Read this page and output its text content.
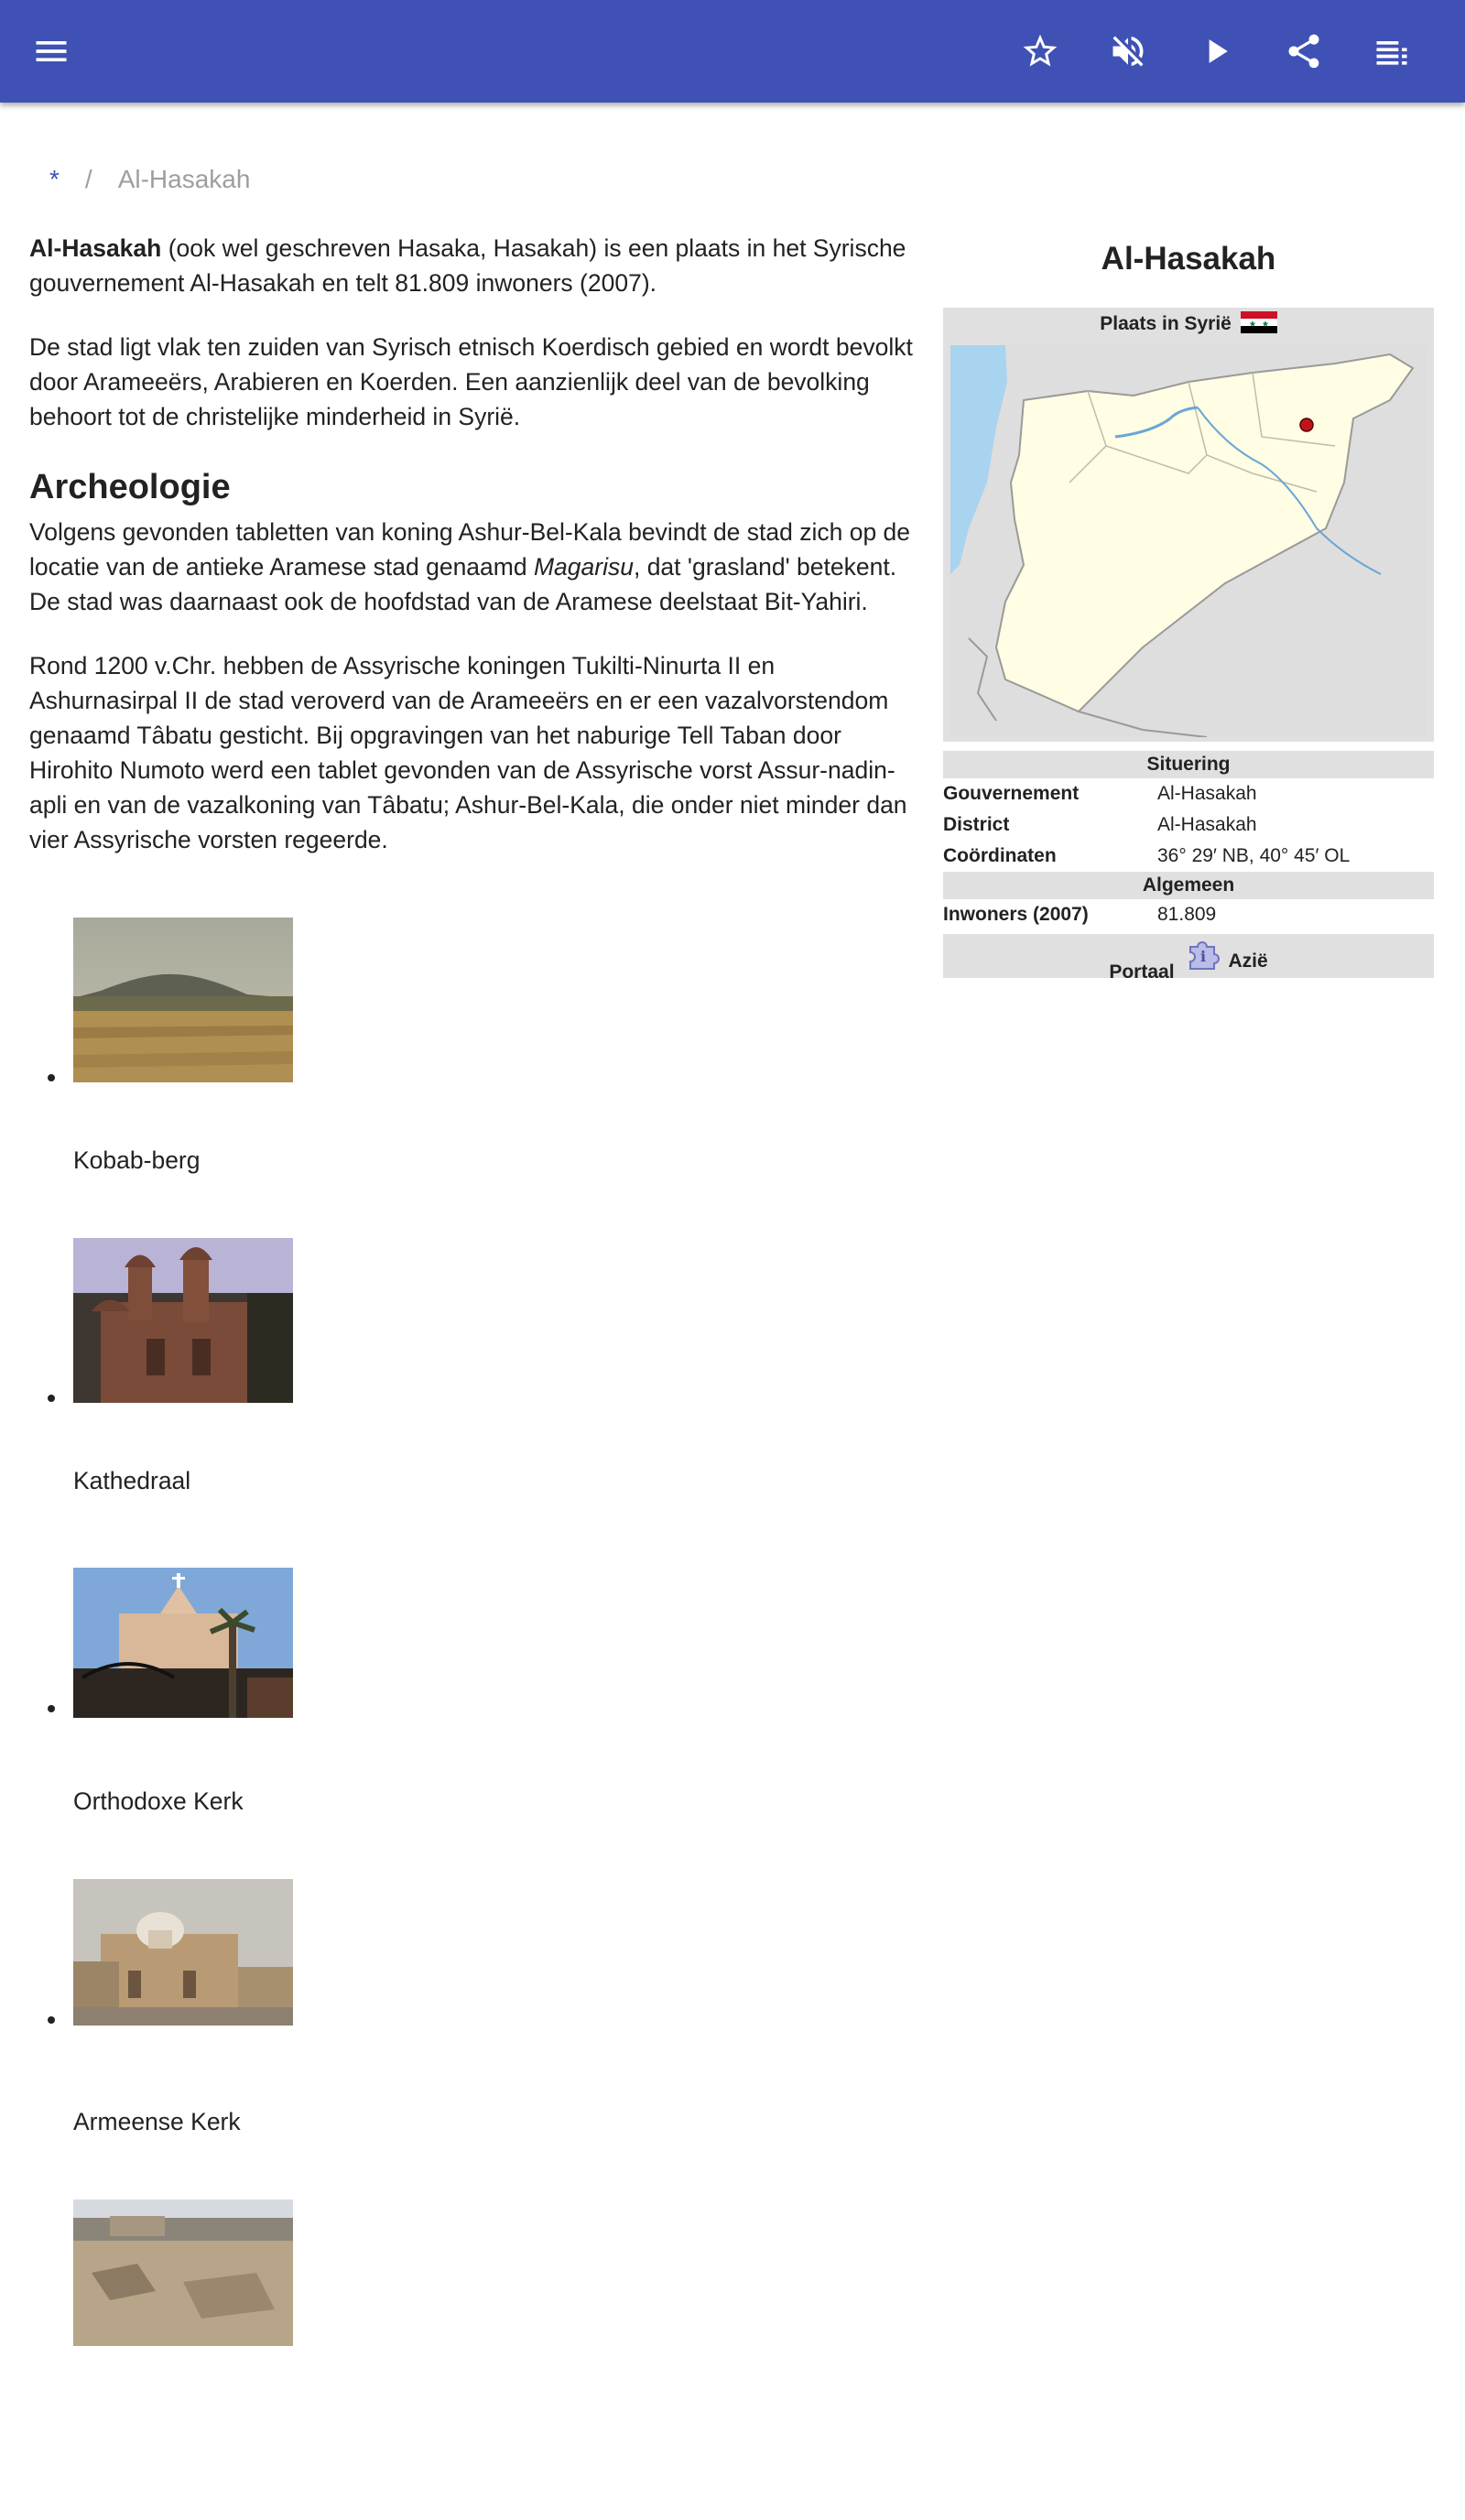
* / Al-Hasakah

Al-Hasakah (ook wel geschreven Hasaka, Hasakah) is een plaats in het Syrische gouvernement Al-Hasakah en telt 81.809 inwoners (2007).

De stad ligt vlak ten zuiden van Syrisch etnisch Koerdisch gebied en wordt bevolkt door Arameeërs, Arabieren en Koerden. Een aanzienlijk deel van de bevolking behoort tot de christelijke minderheid in Syrië.

Archeologie

Volgens gevonden tabletten van koning Ashur-Bel-Kala bevindt de stad zich op de locatie van de antieke Aramese stad genaamd Magarisu, dat 'grasland' betekent. De stad was daarnaast ook de hoofdstad van de Aramese deelstaat Bit-Yahiri.

Rond 1200 v.Chr. hebben de Assyrische koningen Tukilti-Ninurta II en Ashurnasirpal II de stad veroverd van de Arameeërs en er een vazalvorstendom genaamd Tâbatu gesticht. Bij opgravingen van het naburige Tell Taban door Hirohito Numoto werd een tablet gevonden van de Assyrische vorst Assur-nadin-apli en van de vazalkoning van Tâbatu; Ashur-Bel-Kala, die onder niet minder dan vier Assyrische vorsten regeerde.

Kobab-berg
Kathedraal
Orthodoxe Kerk
Armeense Kerk
Al-Hasakah
Plaats in Syrië
Situering
Gouvernement	Al-Hasakah
District	Al-Hasakah
Coördinaten	36° 29′ NB, 40° 45′ OL
Algemeen
Inwoners (2007)	81.809
Portaal
i Azië
